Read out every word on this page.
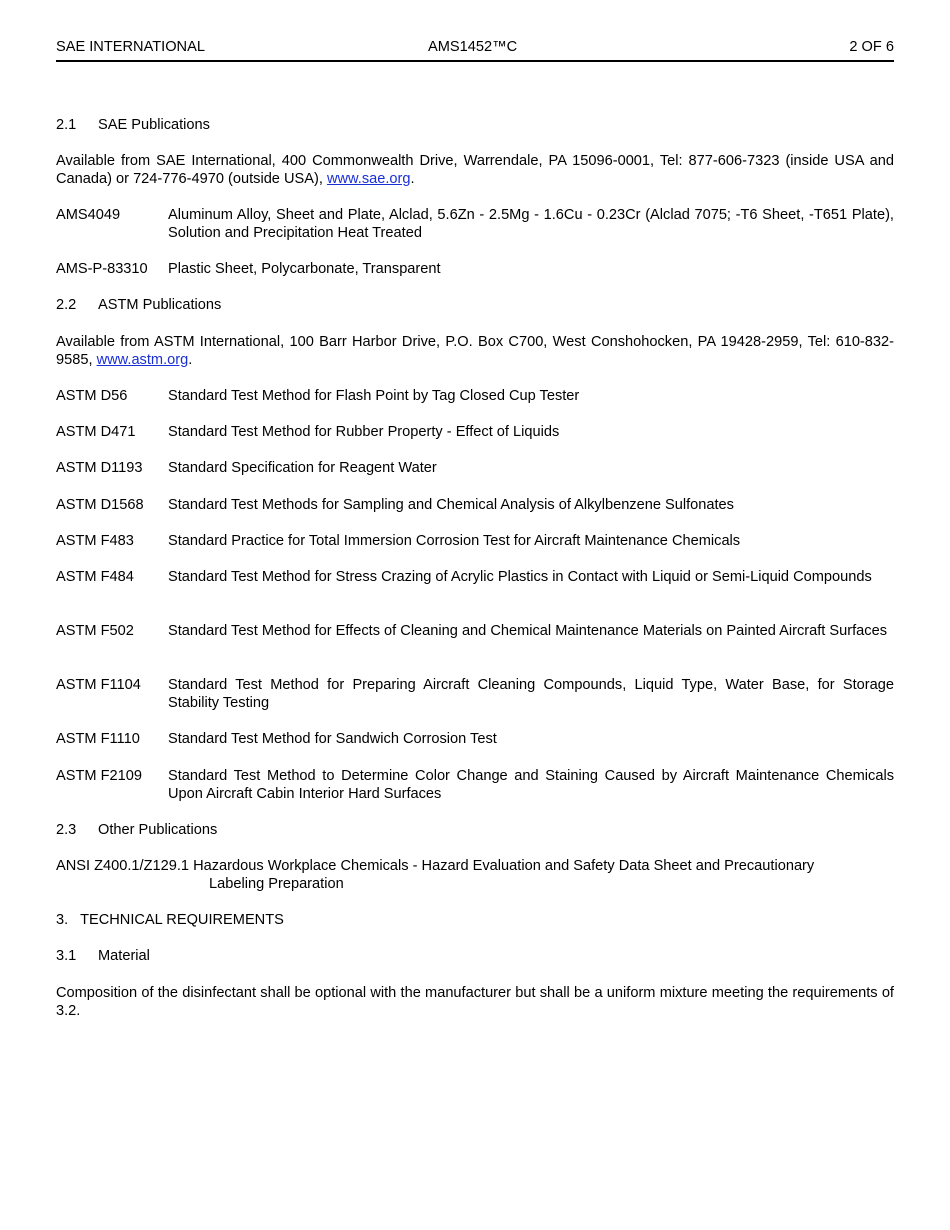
SAE INTERNATIONAL	AMS1452™C	2 OF 6
2.1 SAE Publications
Available from SAE International, 400 Commonwealth Drive, Warrendale, PA 15096-0001, Tel: 877-606-7323 (inside USA and Canada) or 724-776-4970 (outside USA), www.sae.org.
AMS4049	Aluminum Alloy, Sheet and Plate, Alclad, 5.6Zn - 2.5Mg - 1.6Cu - 0.23Cr (Alclad 7075; -T6 Sheet, -T651 Plate), Solution and Precipitation Heat Treated
AMS-P-83310	Plastic Sheet, Polycarbonate, Transparent
2.2 ASTM Publications
Available from ASTM International, 100 Barr Harbor Drive, P.O. Box C700, West Conshohocken, PA 19428-2959, Tel: 610-832-9585, www.astm.org.
ASTM D56	Standard Test Method for Flash Point by Tag Closed Cup Tester
ASTM D471	Standard Test Method for Rubber Property - Effect of Liquids
ASTM D1193	Standard Specification for Reagent Water
ASTM D1568	Standard Test Methods for Sampling and Chemical Analysis of Alkylbenzene Sulfonates
ASTM F483	Standard Practice for Total Immersion Corrosion Test for Aircraft Maintenance Chemicals
ASTM F484	Standard Test Method for Stress Crazing of Acrylic Plastics in Contact with Liquid or Semi-Liquid Compounds
ASTM F502	Standard Test Method for Effects of Cleaning and Chemical Maintenance Materials on Painted Aircraft Surfaces
ASTM F1104	Standard Test Method for Preparing Aircraft Cleaning Compounds, Liquid Type, Water Base, for Storage Stability Testing
ASTM F1110	Standard Test Method for Sandwich Corrosion Test
ASTM F2109	Standard Test Method to Determine Color Change and Staining Caused by Aircraft Maintenance Chemicals Upon Aircraft Cabin Interior Hard Surfaces
2.3 Other Publications
ANSI Z400.1/Z129.1 Hazardous Workplace Chemicals - Hazard Evaluation and Safety Data Sheet and Precautionary
Labeling Preparation
3.   TECHNICAL REQUIREMENTS
3.1 Material
Composition of the disinfectant shall be optional with the manufacturer but shall be a uniform mixture meeting the requirements of 3.2.
